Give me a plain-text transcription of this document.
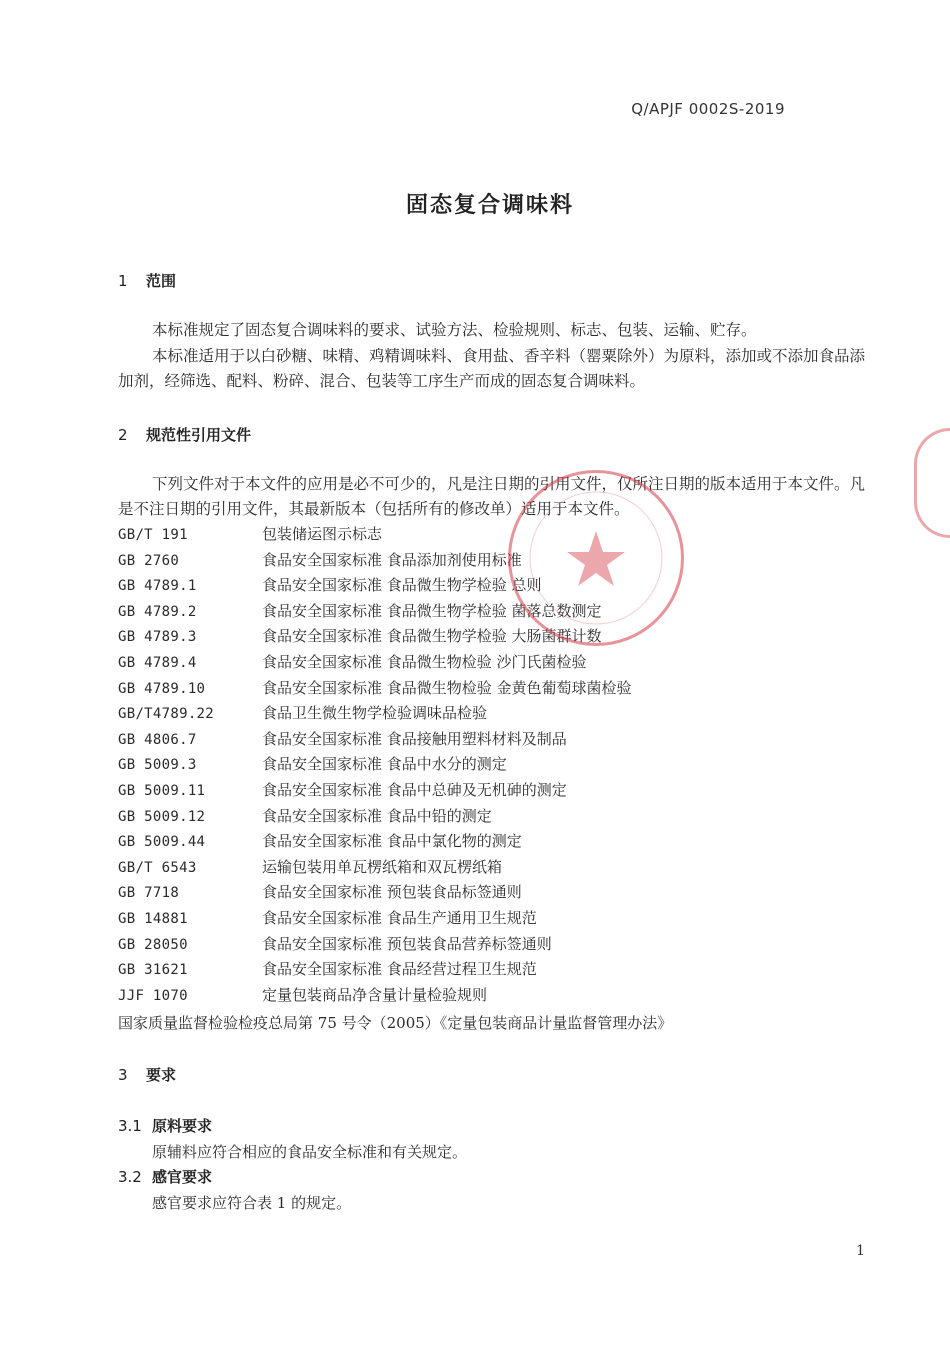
Q/APJF 0002S-2019
固态复合调味料
1 范围
本标准规定了固态复合调味料的要求、试验方法、检验规则、标志、包装、运输、贮存。
本标准适用于以白砂糖、味精、鸡精调味料、食用盐、香辛料（罂粟除外）为原料，添加或不添加食品添加剂，经筛选、配料、粉碎、混合、包装等工序生产而成的固态复合调味料。
2 规范性引用文件
下列文件对于本文件的应用是必不可少的，凡是注日期的引用文件，仅所注日期的版本适用于本文件。凡是不注日期的引用文件，其最新版本（包括所有的修改单）适用于本文件。
GB/T 191	包装储运图示标志
GB 2760	食品安全国家标准 食品添加剂使用标准
GB 4789.1	食品安全国家标准 食品微生物学检验 总则
GB 4789.2	食品安全国家标准 食品微生物学检验 菌落总数测定
GB 4789.3	食品安全国家标准 食品微生物学检验 大肠菌群计数
GB 4789.4	食品安全国家标准 食品微生物检验 沙门氏菌检验
GB 4789.10	食品安全国家标准 食品微生物检验 金黄色葡萄球菌检验
GB/T4789.22	食品卫生微生物学检验调味品检验
GB 4806.7	食品安全国家标准 食品接触用塑料材料及制品
GB 5009.3	食品安全国家标准 食品中水分的测定
GB 5009.11	食品安全国家标准 食品中总砷及无机砷的测定
GB 5009.12	食品安全国家标准 食品中铅的测定
GB 5009.44	食品安全国家标准 食品中氯化物的测定
GB/T 6543	运输包装用单瓦楞纸箱和双瓦楞纸箱
GB 7718	食品安全国家标准 预包装食品标签通则
GB 14881	食品安全国家标准 食品生产通用卫生规范
GB 28050	食品安全国家标准 预包装食品营养标签通则
GB 31621	食品安全国家标准 食品经营过程卫生规范
JJF 1070	定量包装商品净含量计量检验规则
国家质量监督检验检疫总局第 75 号令（2005）《定量包装商品计量监督管理办法》
3 要求
3.1 原料要求
原辅料应符合相应的食品安全标准和有关规定。
3.2 感官要求
感官要求应符合表 1 的规定。
1
